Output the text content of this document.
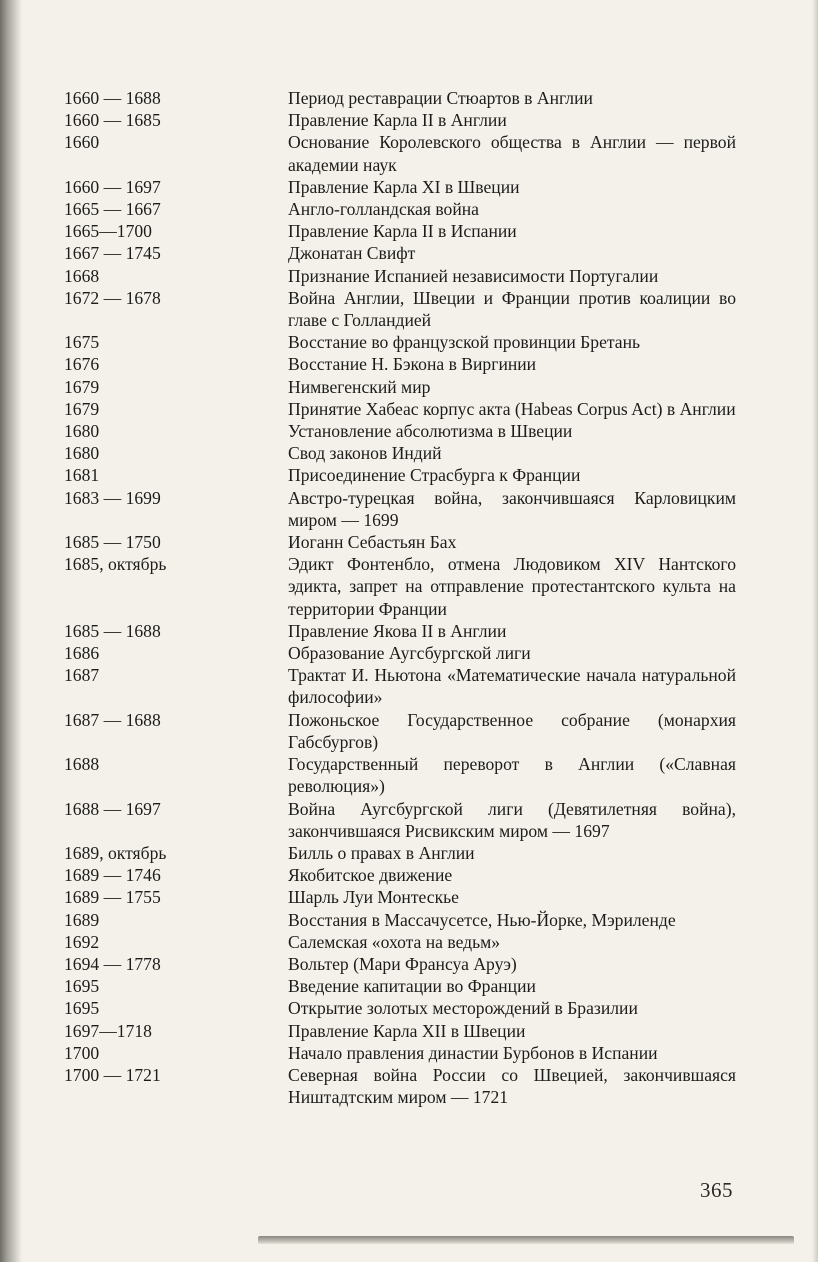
1660 — 1688	Период реставрации Стюартов в Англии
1660 — 1685	Правление Карла II в Англии
1660	Основание Королевского общества в Англии — первой академии наук
1660 — 1697	Правление Карла XI в Швеции
1665 — 1667	Англо-голландская война
1665—1700	Правление Карла II в Испании
1667 — 1745	Джонатан Свифт
1668	Признание Испанией независимости Португалии
1672 — 1678	Война Англии, Швеции и Франции против коалиции во главе с Голландией
1675	Восстание во французской провинции Бретань
1676	Восстание Н. Бэкона в Виргинии
1679	Нимвегенский мир
1679	Принятие Хабеас корпус акта (Habeas Corpus Act) в Англии
1680	Установление абсолютизма в Швеции
1680	Свод законов Индий
1681	Присоединение Страсбурга к Франции
1683 — 1699	Австро-турецкая война, закончившаяся Карловицким миром — 1699
1685 — 1750	Иоганн Себастьян Бах
1685, октябрь	Эдикт Фонтенбло, отмена Людовиком XIV Нантского эдикта, запрет на отправление протестантского культа на территории Франции
1685 — 1688	Правление Якова II в Англии
1686	Образование Аугсбургской лиги
1687	Трактат И. Ньютона «Математические начала натуральной философии»
1687 — 1688	Пожоньское Государственное собрание (монархия Габсбургов)
1688	Государственный переворот в Англии («Славная революция»)
1688 — 1697	Война Аугсбургской лиги (Девятилетняя война), закончившаяся Рисвикским миром — 1697
1689, октябрь	Билль о правах в Англии
1689 — 1746	Якобитское движение
1689 — 1755	Шарль Луи Монтескье
1689	Восстания в Массачусетсе, Нью-Йорке, Мэриленде
1692	Салемская «охота на ведьм»
1694 — 1778	Вольтер (Мари Франсуа Аруэ)
1695	Введение капитации во Франции
1695	Открытие золотых месторождений в Бразилии
1697—1718	Правление Карла XII в Швеции
1700	Начало правления династии Бурбонов в Испании
1700 — 1721	Северная война России со Швецией, закончившаяся Ништадтским миром — 1721
365
